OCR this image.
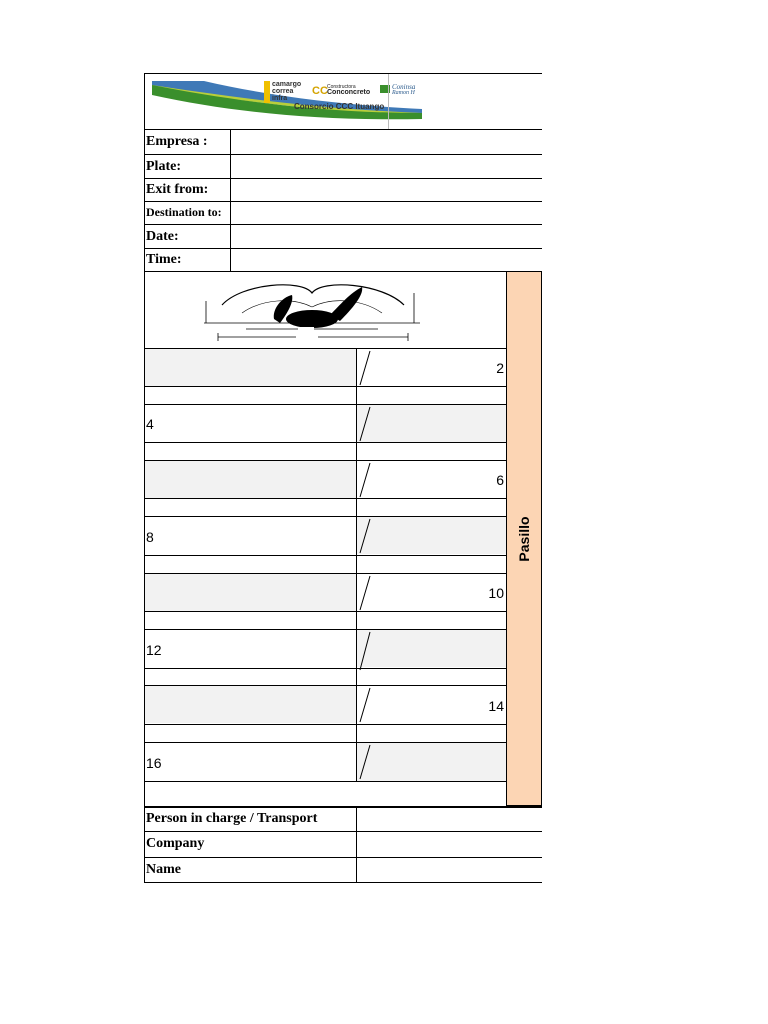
camargo
correa
infra
CC Constructora
Conconcreto
Coninsa
Ramon H
Consorcio CCC Ituango
Empresa :
Plate:
Exit from:
Destination to:
Date:
Time:
2
4
6
8
10
12
14
16
Pasillo
Person in charge / Transport
Company
Name
